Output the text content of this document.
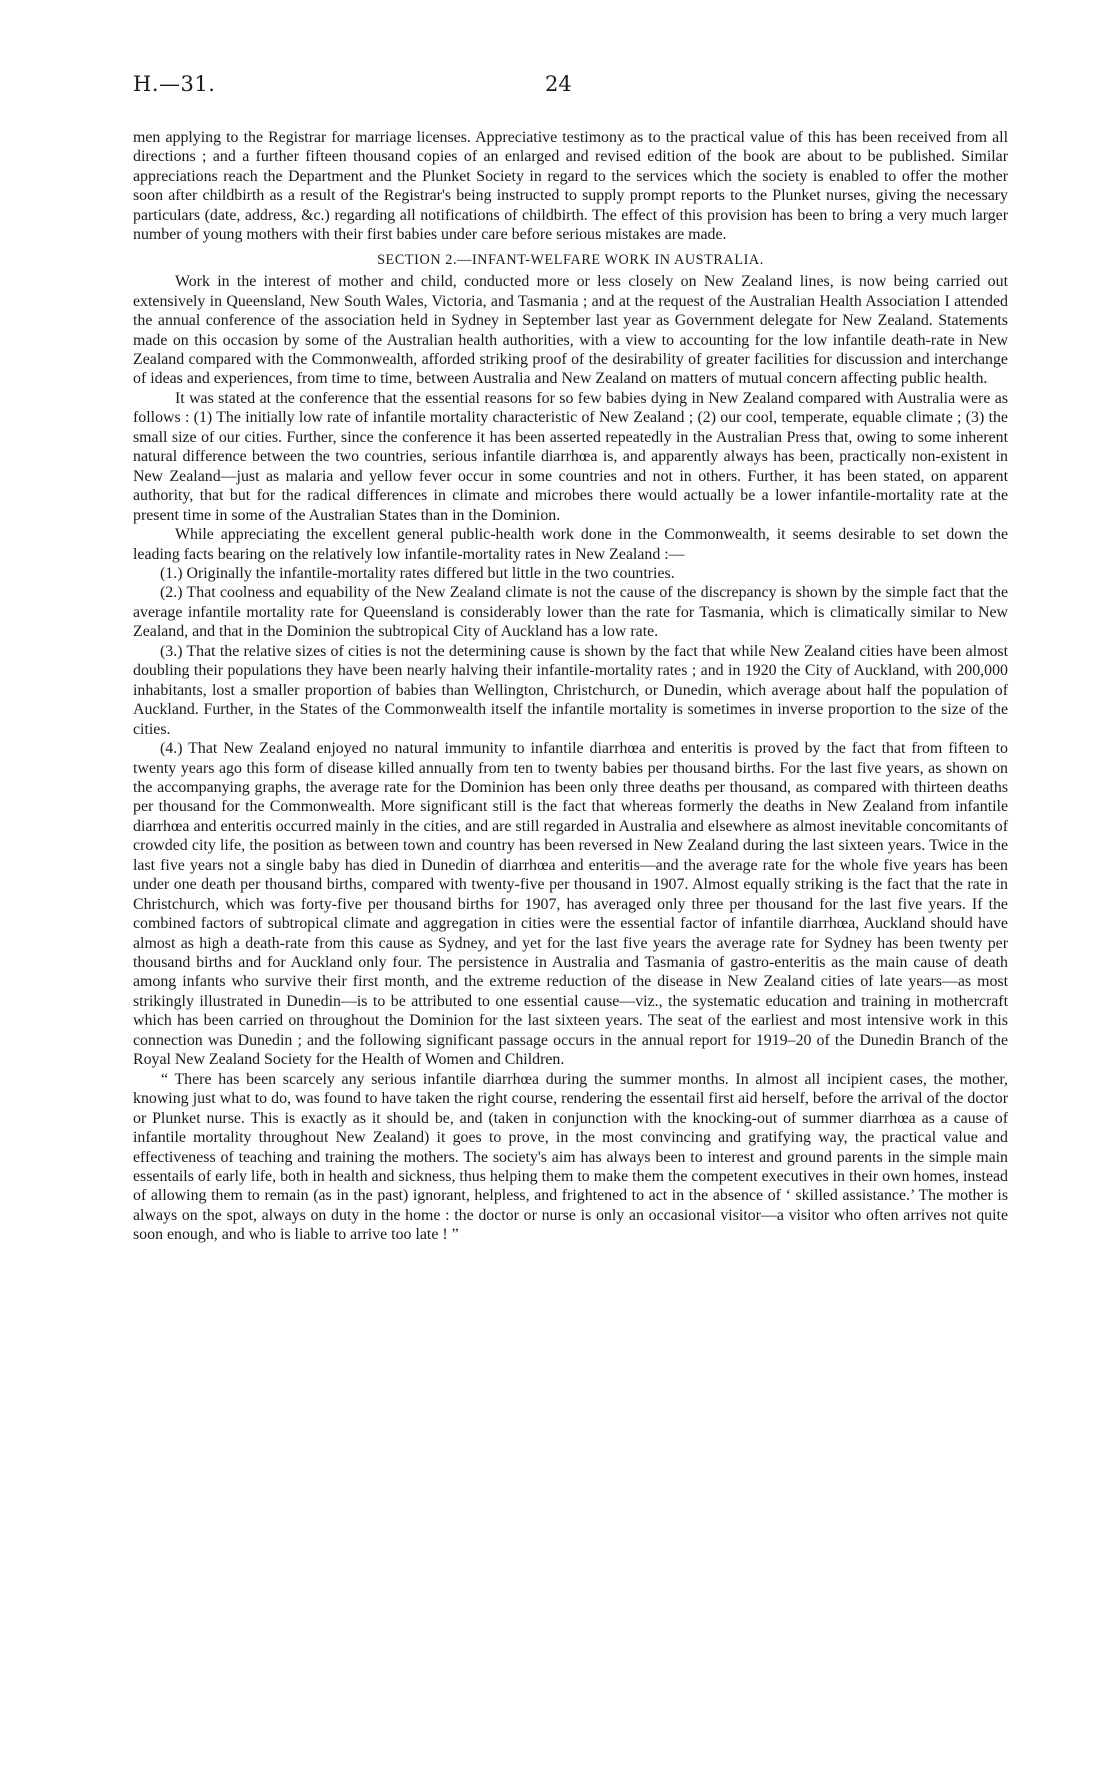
H.—31.	24

men applying to the Registrar for marriage licenses. Appreciative testimony as to the practical value of this has been received from all directions ; and a further fifteen thousand copies of an enlarged and revised edition of the book are about to be published. Similar appreciations reach the Department and the Plunket Society in regard to the services which the society is enabled to offer the mother soon after childbirth as a result of the Registrar's being instructed to supply prompt reports to the Plunket nurses, giving the necessary particulars (date, address, &c.) regarding all notifications of childbirth. The effect of this provision has been to bring a very much larger number of young mothers with their first babies under care before serious mistakes are made.

SECTION 2.—INFANT-WELFARE WORK IN AUSTRALIA.

Work in the interest of mother and child, conducted more or less closely on New Zealand lines, is now being carried out extensively in Queensland, New South Wales, Victoria, and Tasmania ; and at the request of the Australian Health Association I attended the annual conference of the association held in Sydney in September last year as Government delegate for New Zealand. Statements made on this occasion by some of the Australian health authorities, with a view to accounting for the low infantile death-rate in New Zealand compared with the Commonwealth, afforded striking proof of the desirability of greater facilities for discussion and interchange of ideas and experiences, from time to time, between Australia and New Zealand on matters of mutual concern affecting public health.

It was stated at the conference that the essential reasons for so few babies dying in New Zealand compared with Australia were as follows : (1) The initially low rate of infantile mortality characteristic of New Zealand ; (2) our cool, temperate, equable climate ; (3) the small size of our cities. Further, since the conference it has been asserted repeatedly in the Australian Press that, owing to some inherent natural difference between the two countries, serious infantile diarrhœa is, and apparently always has been, practically non-existent in New Zealand—just as malaria and yellow fever occur in some countries and not in others. Further, it has been stated, on apparent authority, that but for the radical differences in climate and microbes there would actually be a lower infantile-mortality rate at the present time in some of the Australian States than in the Dominion.

While appreciating the excellent general public-health work done in the Commonwealth, it seems desirable to set down the leading facts bearing on the relatively low infantile-mortality rates in New Zealand :—

(1.) Originally the infantile-mortality rates differed but little in the two countries.

(2.) That coolness and equability of the New Zealand climate is not the cause of the discrepancy is shown by the simple fact that the average infantile mortality rate for Queensland is considerably lower than the rate for Tasmania, which is climatically similar to New Zealand, and that in the Dominion the subtropical City of Auckland has a low rate.

(3.) That the relative sizes of cities is not the determining cause is shown by the fact that while New Zealand cities have been almost doubling their populations they have been nearly halving their infantile-mortality rates ; and in 1920 the City of Auckland, with 200,000 inhabitants, lost a smaller proportion of babies than Wellington, Christchurch, or Dunedin, which average about half the population of Auckland. Further, in the States of the Commonwealth itself the infantile mortality is sometimes in inverse proportion to the size of the cities.

(4.) That New Zealand enjoyed no natural immunity to infantile diarrhœa and enteritis is proved by the fact that from fifteen to twenty years ago this form of disease killed annually from ten to twenty babies per thousand births. For the last five years, as shown on the accompanying graphs, the average rate for the Dominion has been only three deaths per thousand, as compared with thirteen deaths per thousand for the Commonwealth. More significant still is the fact that whereas formerly the deaths in New Zealand from infantile diarrhœa and enteritis occurred mainly in the cities, and are still regarded in Australia and elsewhere as almost inevitable concomitants of crowded city life, the position as between town and country has been reversed in New Zealand during the last sixteen years. Twice in the last five years not a single baby has died in Dunedin of diarrhœa and enteritis—and the average rate for the whole five years has been under one death per thousand births, compared with twenty-five per thousand in 1907. Almost equally striking is the fact that the rate in Christchurch, which was forty-five per thousand births for 1907, has averaged only three per thousand for the last five years. If the combined factors of subtropical climate and aggregation in cities were the essential factor of infantile diarrhœa, Auckland should have almost as high a death-rate from this cause as Sydney, and yet for the last five years the average rate for Sydney has been twenty per thousand births and for Auckland only four. The persistence in Australia and Tasmania of gastro-enteritis as the main cause of death among infants who survive their first month, and the extreme reduction of the disease in New Zealand cities of late years—as most strikingly illustrated in Dunedin—is to be attributed to one essential cause—viz., the systematic education and training in mothercraft which has been carried on throughout the Dominion for the last sixteen years. The seat of the earliest and most intensive work in this connection was Dunedin ; and the following significant passage occurs in the annual report for 1919–20 of the Dunedin Branch of the Royal New Zealand Society for the Health of Women and Children.

“ There has been scarcely any serious infantile diarrhœa during the summer months. In almost all incipient cases, the mother, knowing just what to do, was found to have taken the right course, rendering the essentail first aid herself, before the arrival of the doctor or Plunket nurse. This is exactly as it should be, and (taken in conjunction with the knocking-out of summer diarrhœa as a cause of infantile mortality throughout New Zealand) it goes to prove, in the most convincing and gratifying way, the practical value and effectiveness of teaching and training the mothers. The society's aim has always been to interest and ground parents in the simple main essentails of early life, both in health and sickness, thus helping them to make them the competent executives in their own homes, instead of allowing them to remain (as in the past) ignorant, helpless, and frightened to act in the absence of ‘ skilled assistance.’ The mother is always on the spot, always on duty in the home : the doctor or nurse is only an occasional visitor—a visitor who often arrives not quite soon enough, and who is liable to arrive too late ! ”
